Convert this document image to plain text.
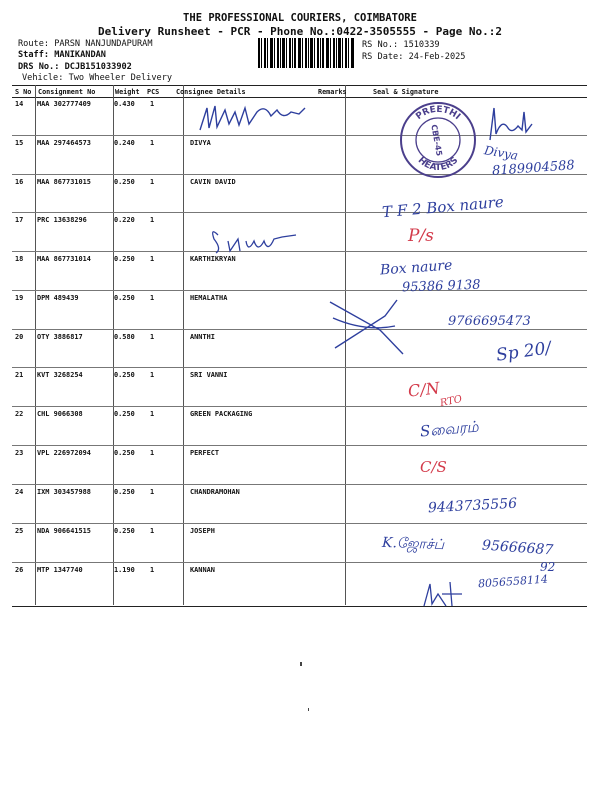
THE PROFESSIONAL COURIERS, COIMBATORE
Delivery Runsheet - PCR - Phone No.:0422-3505555 - Page No.:2
Route: PARSN NANJUNDAPURAM
Staff: MANIKANDAN
DRS No.: DCJB151033902
Vehicle: Two Wheeler Delivery
RS No.: 1510339
RS Date: 24-Feb-2025
S No Consignment No	Weight PCS Consignee Details	Remarks	Seal & Signature
14 MAA 302777409	0.430 1
15 MAA 297464573	0.240 1	DIVYA
16 MAA 867731015	0.250 1	CAVIN DAVID
17 PRC 13638296	0.220 1
18 MAA 867731014	0.250 1	KARTHIKRYAN
19 DPM 489439	0.250 1	HEMALATHA
20 OTY 3886817	0.580 1	ANNTHI
21 KVT 3268254	0.250 1	SRI VANNI
22 CHL 9066308	0.250 1	GREEN PACKAGING
23 VPL 226972094	0.250 1	PERFECT
24 IXM 303457988	0.250 1	CHANDRAMOHAN
25 NDA 906641515	0.250 1	JOSEPH
26 MTP 1347740	1.190 1	KANNAN
PREETHI
HEATERS
CBE-45	Divya
8189904588
T F 2 Box naure
P/s
Box naure
95386 9138
9766695473
Sp 20/
C/N
RTO
Sவைரம்
C/S
9443735556
K.ஜோச்ப்	95666687
92
8056558114
